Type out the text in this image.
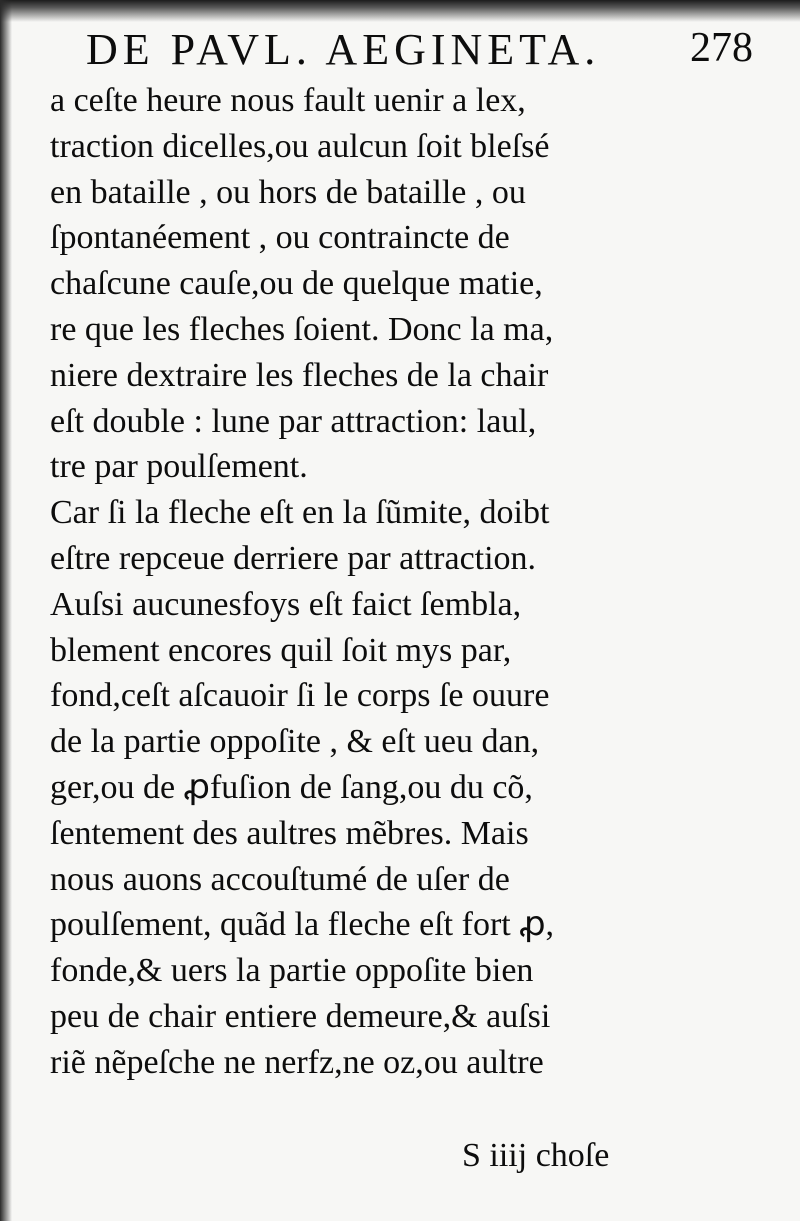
DE PAVL. AEGINETA. 278
a ceſte heure nous fault uenir a lex,
traction dicelles,ou aulcun ſoit bleſsé
en bataille , ou hors de bataille , ou
ſpontanéement , ou contraincte de
chaſcune cauſe,ou de quelque matie,
re que les fleches ſoient. Donc la ma,
niere dextraire les fleches de la chair
eſt double : lune par attraction: laul,
tre par poulſement.
Car ſi la fleche eſt en la ſũmite, doibt
eſtre repceue derriere par attraction.
Auſsi aucunesfoys eſt faict ſembla,
blement encores quil ſoit mys par,
fond,ceſt aſcauoir ſi le corps ſe ouure
de la partie oppoſite , & eſt ueu dan,
ger,ou de ꝓfuſion de ſang,ou du cõ,
ſentement des aultres mẽbres. Mais
nous auons accouſtumé de uſer de
poulſement, quãd la fleche eſt fort ꝓ,
fonde,& uers la partie oppoſite bien
peu de chair entiere demeure,& auſsi
riẽ nẽpeſche ne nerfz,ne oz,ou aultre
S iiij choſe
